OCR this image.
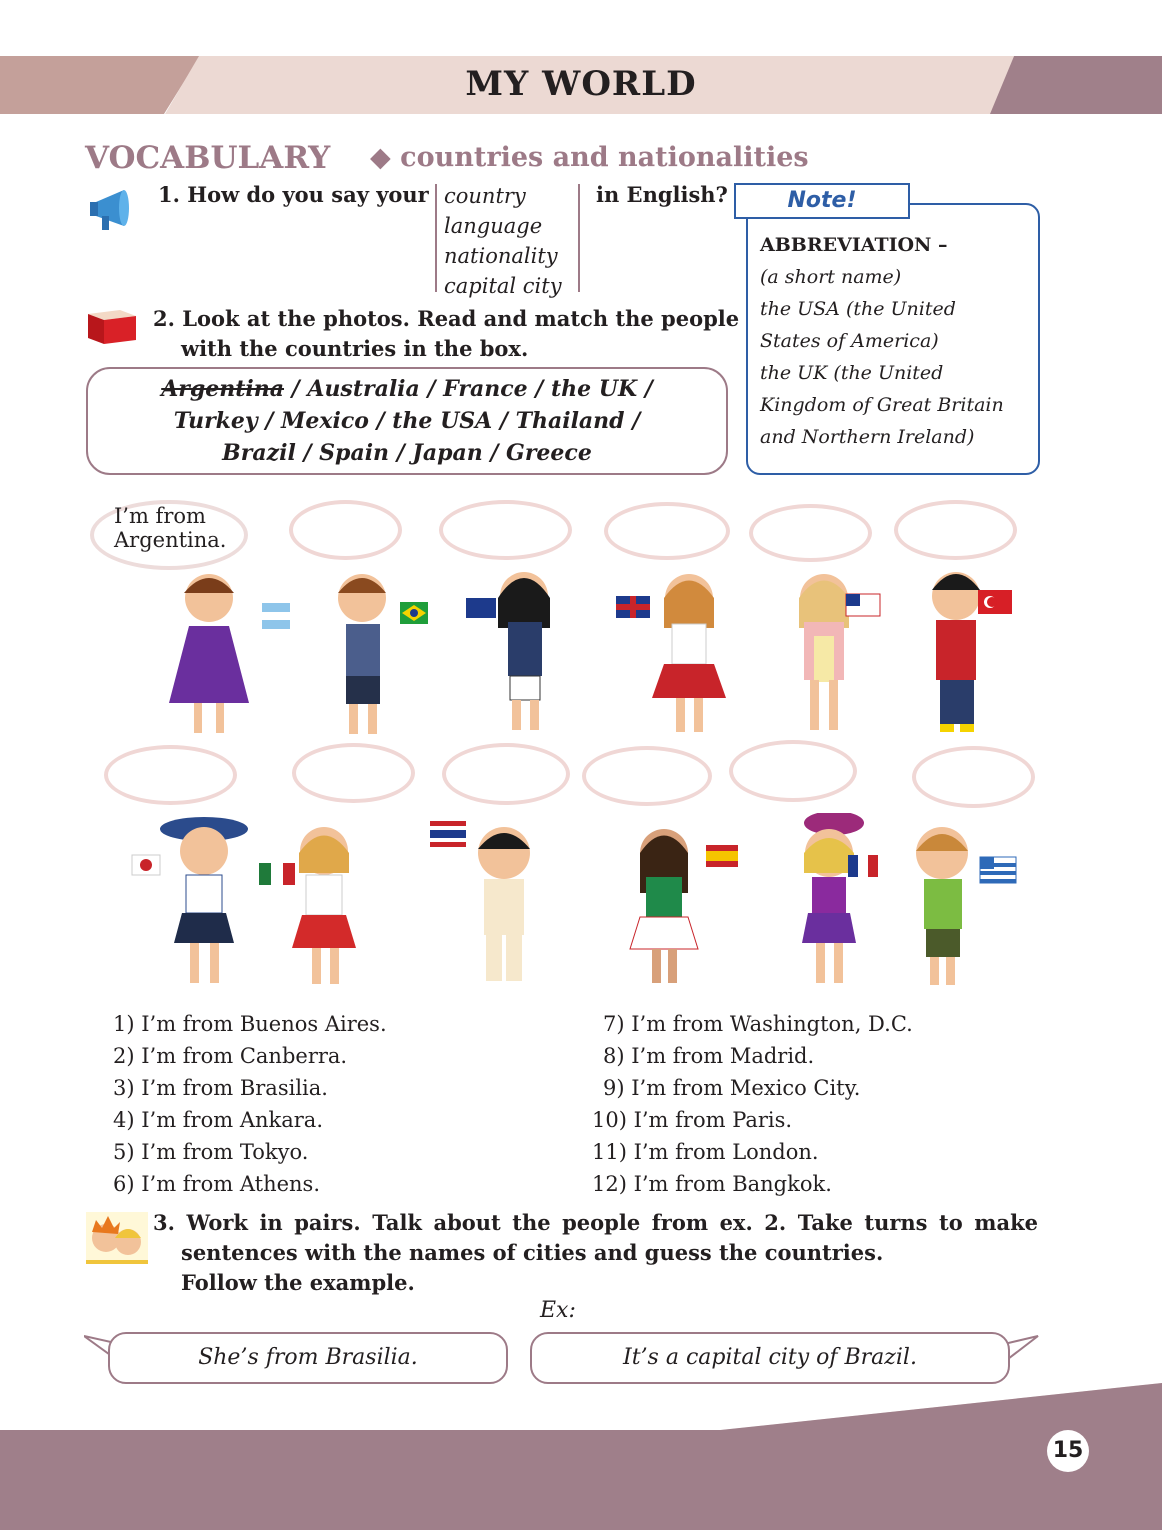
MY WORLD
VOCABULARY ◆ countries and nationalities
1. How do you say your country
language
nationality
capital city
in English?	Note!
ABBREVIATION –
(a short name)
the USA (the United
States of America)
the UK (the United
Kingdom of Great Britain
and Northern Ireland)
2. Look at the photos. Read and match the people
with the countries in the box.
Argentina / Australia / France / the UK /
Turkey / Mexico / the USA / Thailand /
Brazil / Spain / Japan / Greece
I’m from
Argentina.
1) I’m from Buenos Aires.
2) I’m from Canberra.
3) I’m from Brasilia.
4) I’m from Ankara.
5) I’m from Tokyo.
6) I’m from Athens.
7) I’m from Washington, D.C.
8) I’m from Madrid.
9) I’m from Mexico City.
10) I’m from Paris.
11) I’m from London.
12) I’m from Bangkok.
3. Work in pairs. Talk about the people from ex. 2. Take turns to make
sentences with the names of cities and guess the countries.
Follow the example.
Ex:
She’s from Brasilia.	It’s a capital city of Brazil.
15
